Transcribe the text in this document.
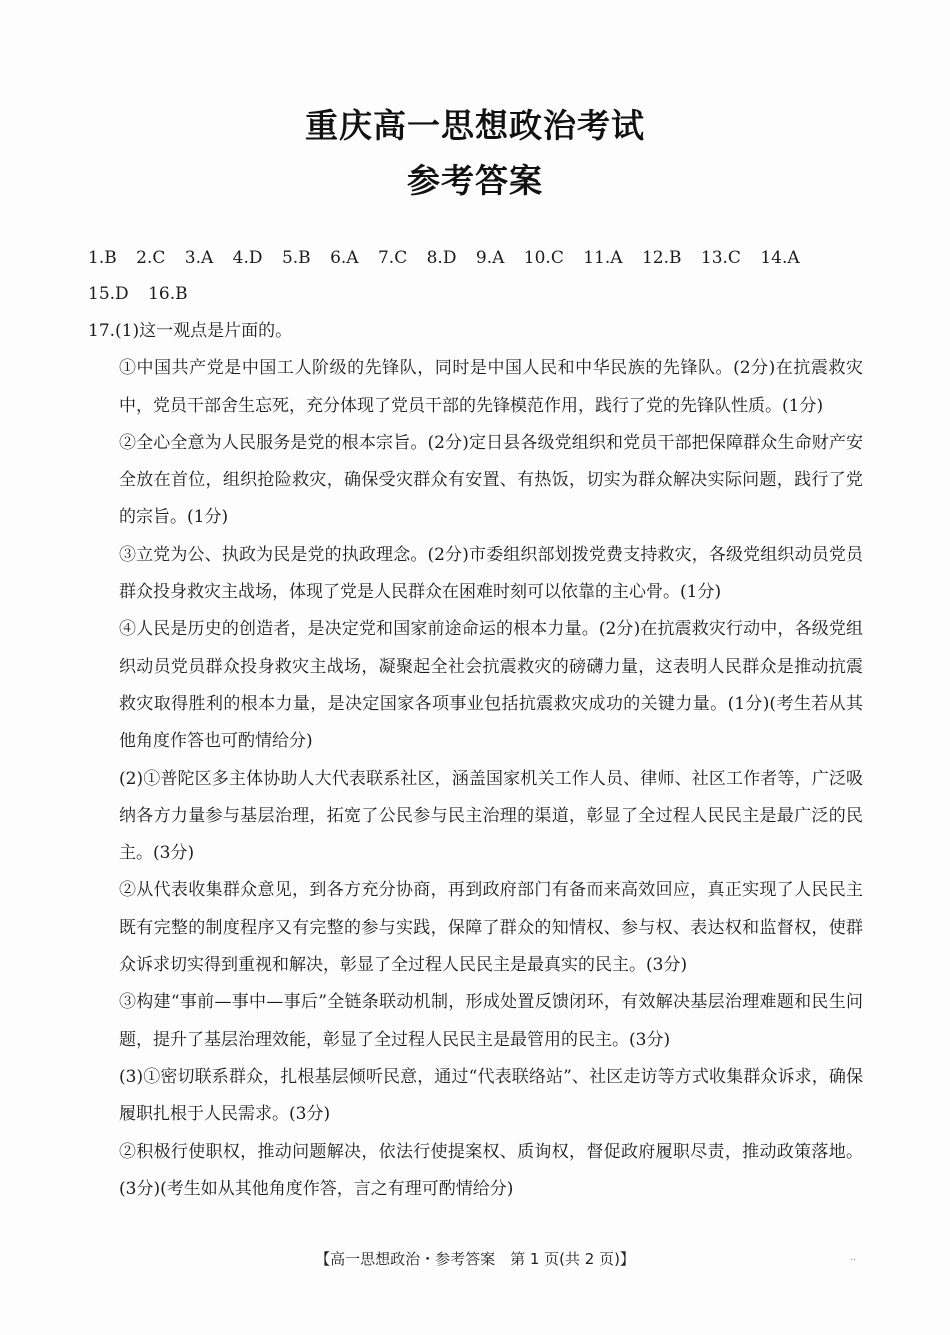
重庆高一思想政治考试
参考答案
1.B 2.C 3.A 4.D 5.B 6.A 7.C 8.D 9.A 10.C 11.A 12.B 13.C 14.A
15.D 16.B

17.(1)这一观点是片面的。

①中国共产党是中国工人阶级的先锋队，同时是中国人民和中华民族的先锋队。(2分)在抗震救灾中，党员干部舍生忘死，充分体现了党员干部的先锋模范作用，践行了党的先锋队性质。(1分)

②全心全意为人民服务是党的根本宗旨。(2分)定日县各级党组织和党员干部把保障群众生命财产安全放在首位，组织抢险救灾，确保受灾群众有安置、有热饭，切实为群众解决实际问题，践行了党的宗旨。(1分)

③立党为公、执政为民是党的执政理念。(2分)市委组织部划拨党费支持救灾，各级党组织动员党员群众投身救灾主战场，体现了党是人民群众在困难时刻可以依靠的主心骨。(1分)

④人民是历史的创造者，是决定党和国家前途命运的根本力量。(2分)在抗震救灾行动中，各级党组织动员党员群众投身救灾主战场，凝聚起全社会抗震救灾的磅礴力量，这表明人民群众是推动抗震救灾取得胜利的根本力量，是决定国家各项事业包括抗震救灾成功的关键力量。(1分)(考生若从其他角度作答也可酌情给分)

(2)①普陀区多主体协助人大代表联系社区，涵盖国家机关工作人员、律师、社区工作者等，广泛吸纳各方力量参与基层治理，拓宽了公民参与民主治理的渠道，彰显了全过程人民民主是最广泛的民主。(3分)

②从代表收集群众意见，到各方充分协商，再到政府部门有备而来高效回应，真正实现了人民民主既有完整的制度程序又有完整的参与实践，保障了群众的知情权、参与权、表达权和监督权，使群众诉求切实得到重视和解决，彰显了全过程人民民主是最真实的民主。(3分)

③构建“事前—事中—事后”全链条联动机制，形成处置反馈闭环，有效解决基层治理难题和民生问题，提升了基层治理效能，彰显了全过程人民民主是最管用的民主。(3分)

(3)①密切联系群众，扎根基层倾听民意，通过“代表联络站”、社区走访等方式收集群众诉求，确保履职扎根于人民需求。(3分)

②积极行使职权，推动问题解决，依法行使提案权、质询权，督促政府履职尽责，推动政策落地。(3分)(考生如从其他角度作答，言之有理可酌情给分)

【高一思想政治・参考答案　第 1 页(共 2 页)】	..
